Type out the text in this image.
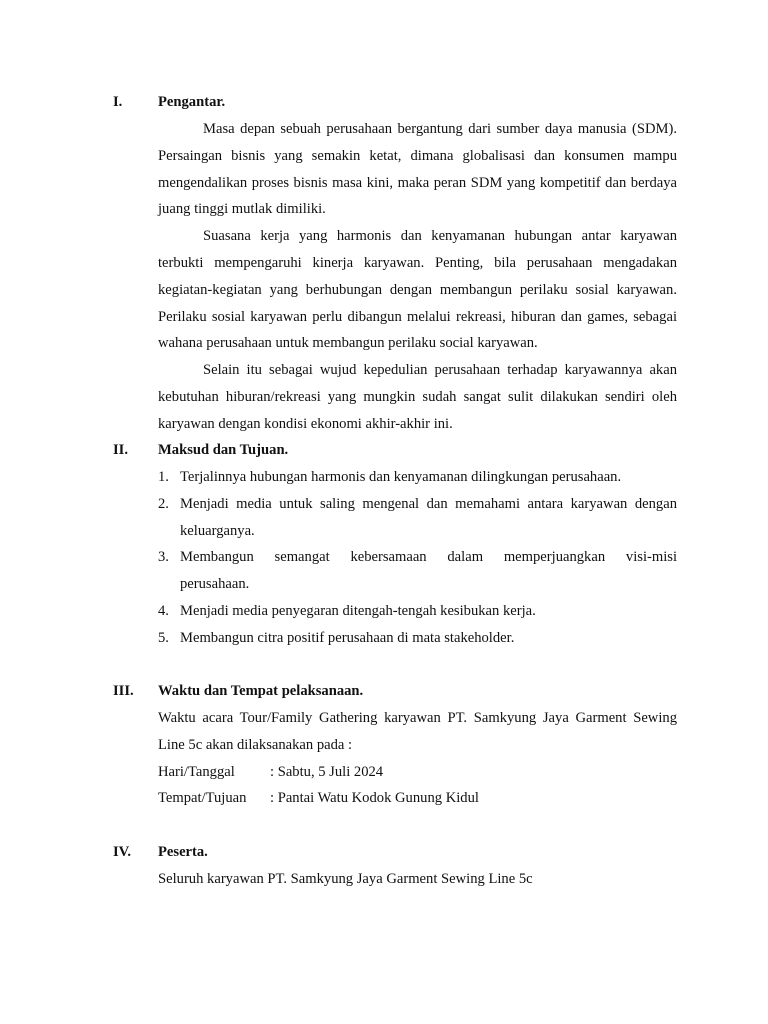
I. Pengantar.

Masa depan sebuah perusahaan bergantung dari sumber daya manusia (SDM). Persaingan bisnis yang semakin ketat, dimana globalisasi dan konsumen mampu mengendalikan proses bisnis masa kini, maka peran SDM yang kompetitif dan berdaya juang tinggi mutlak dimiliki.

Suasana kerja yang harmonis dan kenyamanan hubungan antar karyawan terbukti mempengaruhi kinerja karyawan. Penting, bila perusahaan mengadakan kegiatan-kegiatan yang berhubungan dengan membangun perilaku sosial karyawan. Perilaku sosial karyawan perlu dibangun melalui rekreasi, hiburan dan games, sebagai wahana perusahaan untuk membangun perilaku social karyawan.

Selain itu sebagai wujud kepedulian perusahaan terhadap karyawannya akan kebutuhan hiburan/rekreasi yang mungkin sudah sangat sulit dilakukan sendiri oleh karyawan dengan kondisi ekonomi akhir-akhir ini.

II. Maksud dan Tujuan.
1. Terjalinnya hubungan harmonis dan kenyamanan dilingkungan perusahaan.
2. Menjadi media untuk saling mengenal dan memahami antara karyawan dengan keluarganya.
3. Membangun semangat kebersamaan dalam memperjuangkan visi-misi
perusahaan.
4. Menjadi media penyegaran ditengah-tengah kesibukan kerja.
5. Membangun citra positif perusahaan di mata stakeholder.
III. Waktu dan Tempat pelaksanaan.

Waktu acara Tour/Family Gathering karyawan PT. Samkyung Jaya Garment Sewing Line 5c akan dilaksanakan pada :

Hari/Tanggal : Sabtu, 5 Juli 2024
Tempat/Tujuan : Pantai Watu Kodok Gunung Kidul
IV. Peserta.

Seluruh karyawan PT. Samkyung Jaya Garment Sewing Line 5c
